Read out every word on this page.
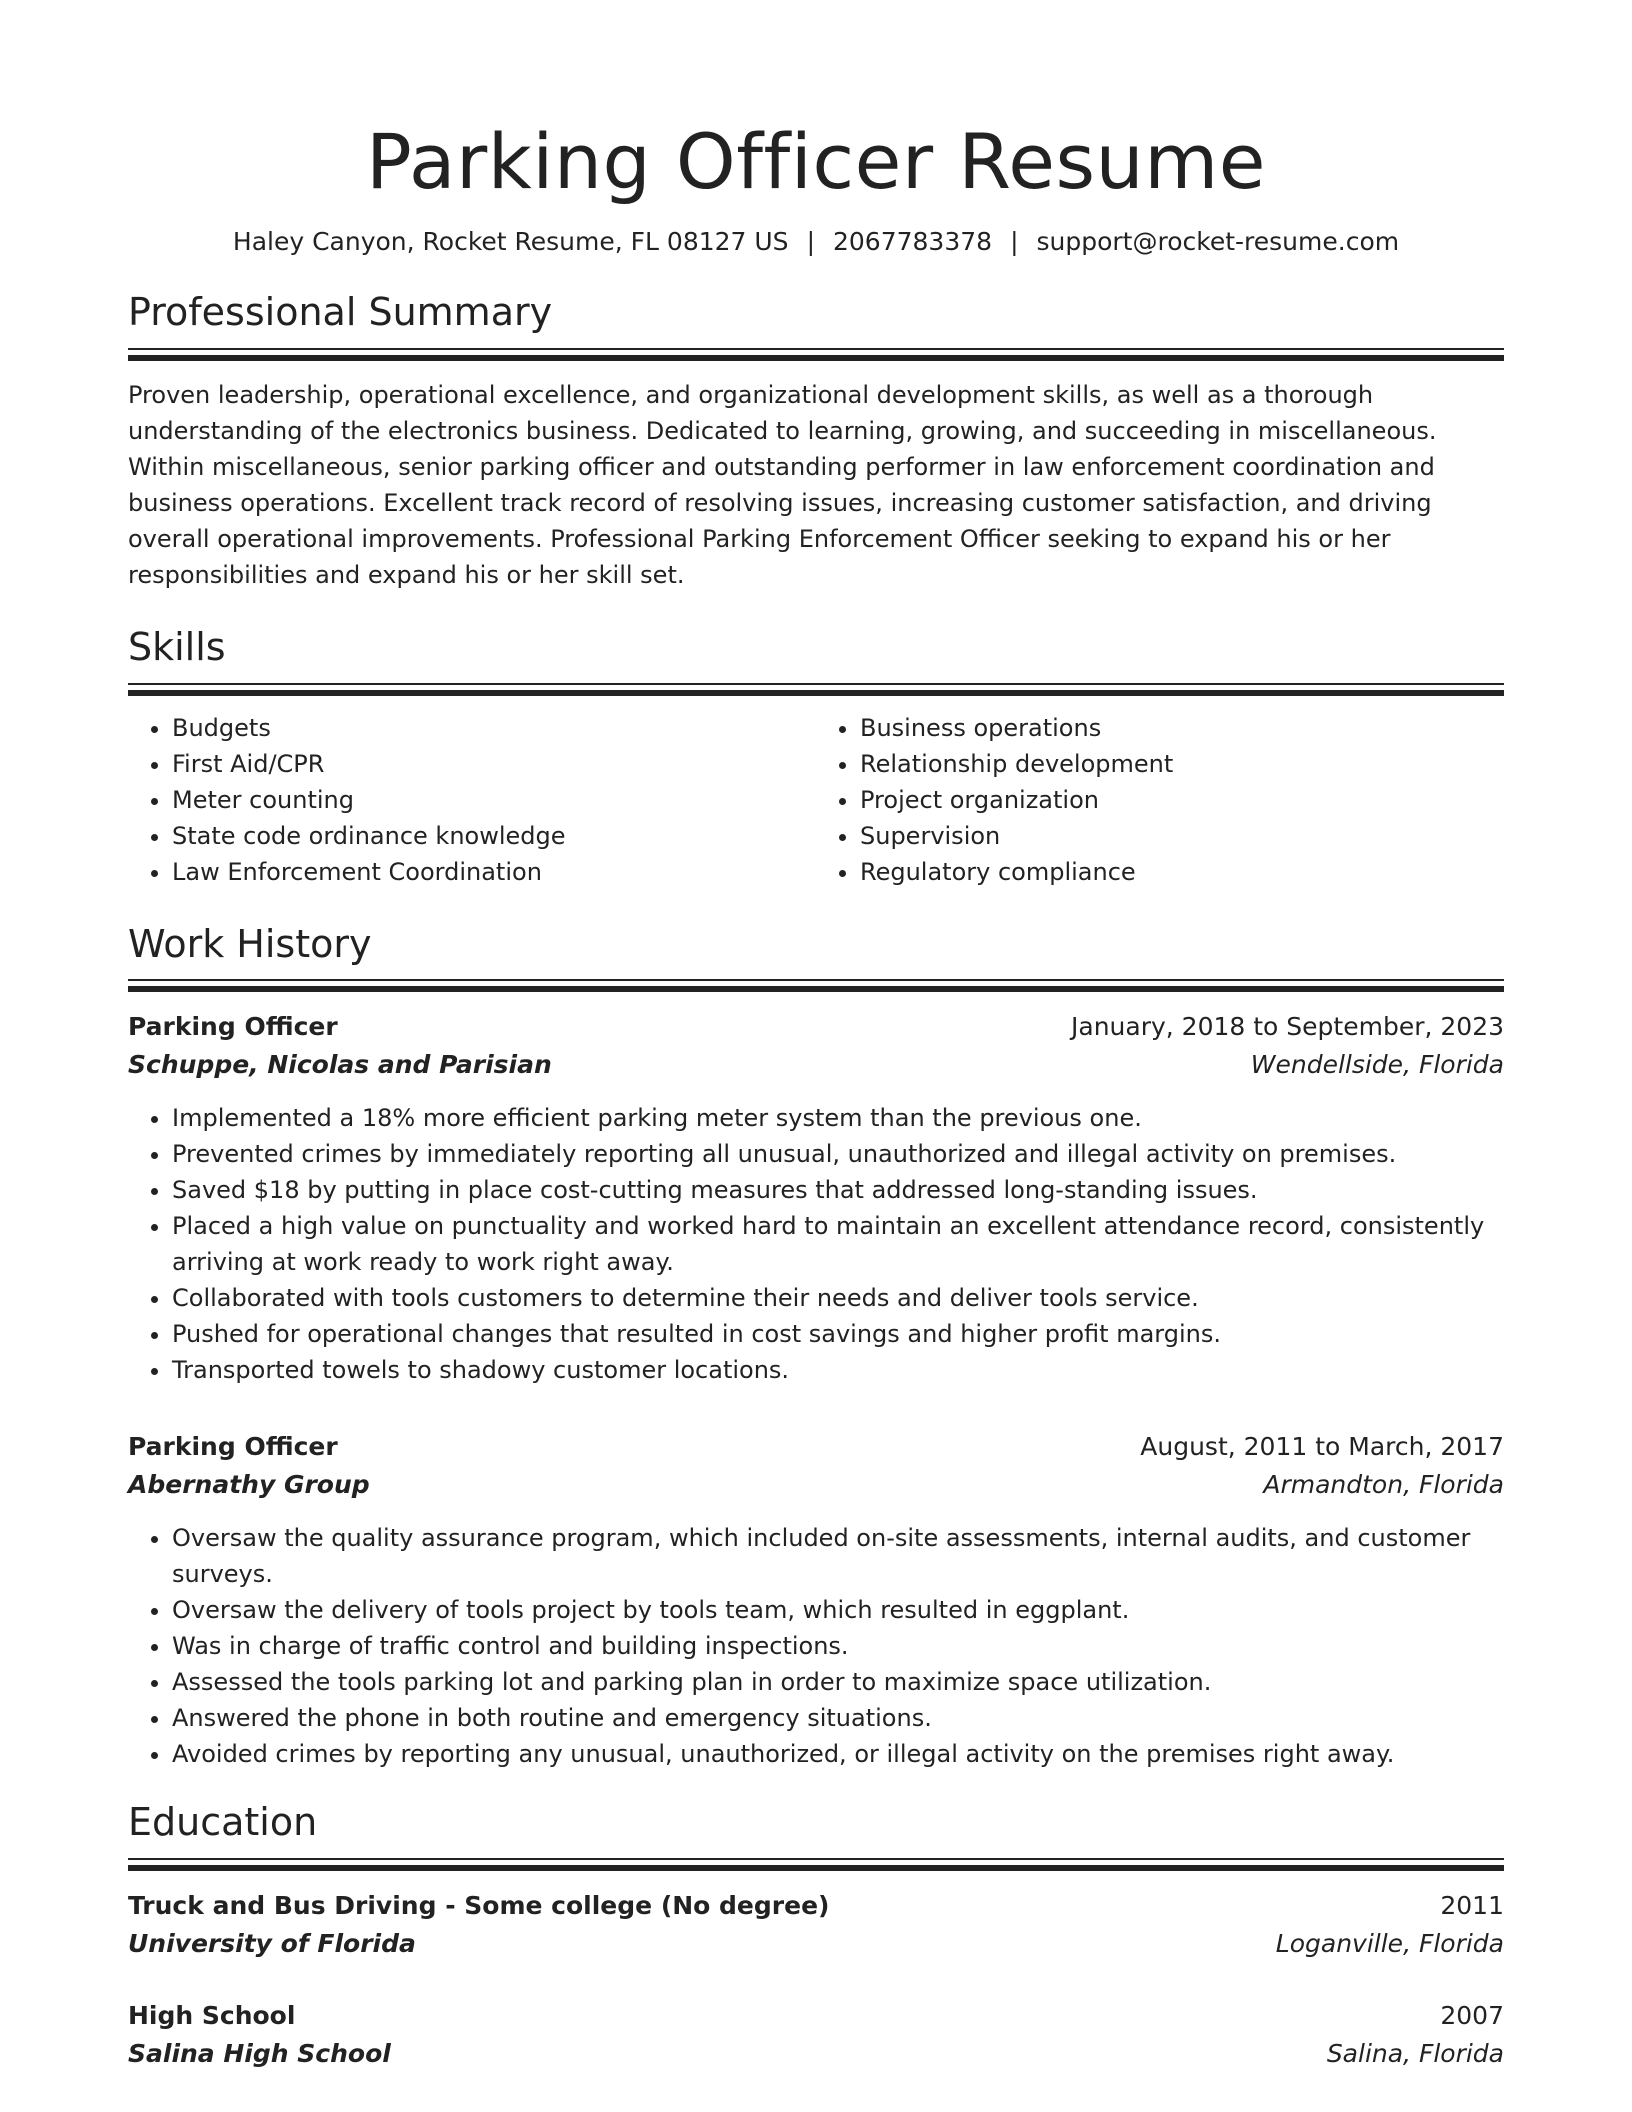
Parking Officer Resume
Haley Canyon, Rocket Resume, FL 08127 US | 2067783378 | support@rocket-resume.com
Professional Summary
Proven leadership, operational excellence, and organizational development skills, as well as a thorough understanding of the electronics business. Dedicated to learning, growing, and succeeding in miscellaneous. Within miscellaneous, senior parking officer and outstanding performer in law enforcement coordination and business operations. Excellent track record of resolving issues, increasing customer satisfaction, and driving overall operational improvements. Professional Parking Enforcement Officer seeking to expand his or her responsibilities and expand his or her skill set.
Skills
• Budgets
• First Aid/CPR
• Meter counting
• State code ordinance knowledge
• Law Enforcement Coordination
• Business operations
• Relationship development
• Project organization
• Supervision
• Regulatory compliance
Work History
Parking Officer	January, 2018 to September, 2023
Schuppe, Nicolas and Parisian	Wendellside, Florida
• Implemented a 18% more efficient parking meter system than the previous one.
• Prevented crimes by immediately reporting all unusual, unauthorized and illegal activity on premises.
• Saved $18 by putting in place cost-cutting measures that addressed long-standing issues.
• Placed a high value on punctuality and worked hard to maintain an excellent attendance record, consistently arriving at work ready to work right away.
• Collaborated with tools customers to determine their needs and deliver tools service.
• Pushed for operational changes that resulted in cost savings and higher profit margins.
• Transported towels to shadowy customer locations.
Parking Officer	August, 2011 to March, 2017
Abernathy Group	Armandton, Florida
• Oversaw the quality assurance program, which included on-site assessments, internal audits, and customer surveys.
• Oversaw the delivery of tools project by tools team, which resulted in eggplant.
• Was in charge of traffic control and building inspections.
• Assessed the tools parking lot and parking plan in order to maximize space utilization.
• Answered the phone in both routine and emergency situations.
• Avoided crimes by reporting any unusual, unauthorized, or illegal activity on the premises right away.
Education
Truck and Bus Driving - Some college (No degree)	2011
University of Florida	Loganville, Florida
High School	2007
Salina High School	Salina, Florida
